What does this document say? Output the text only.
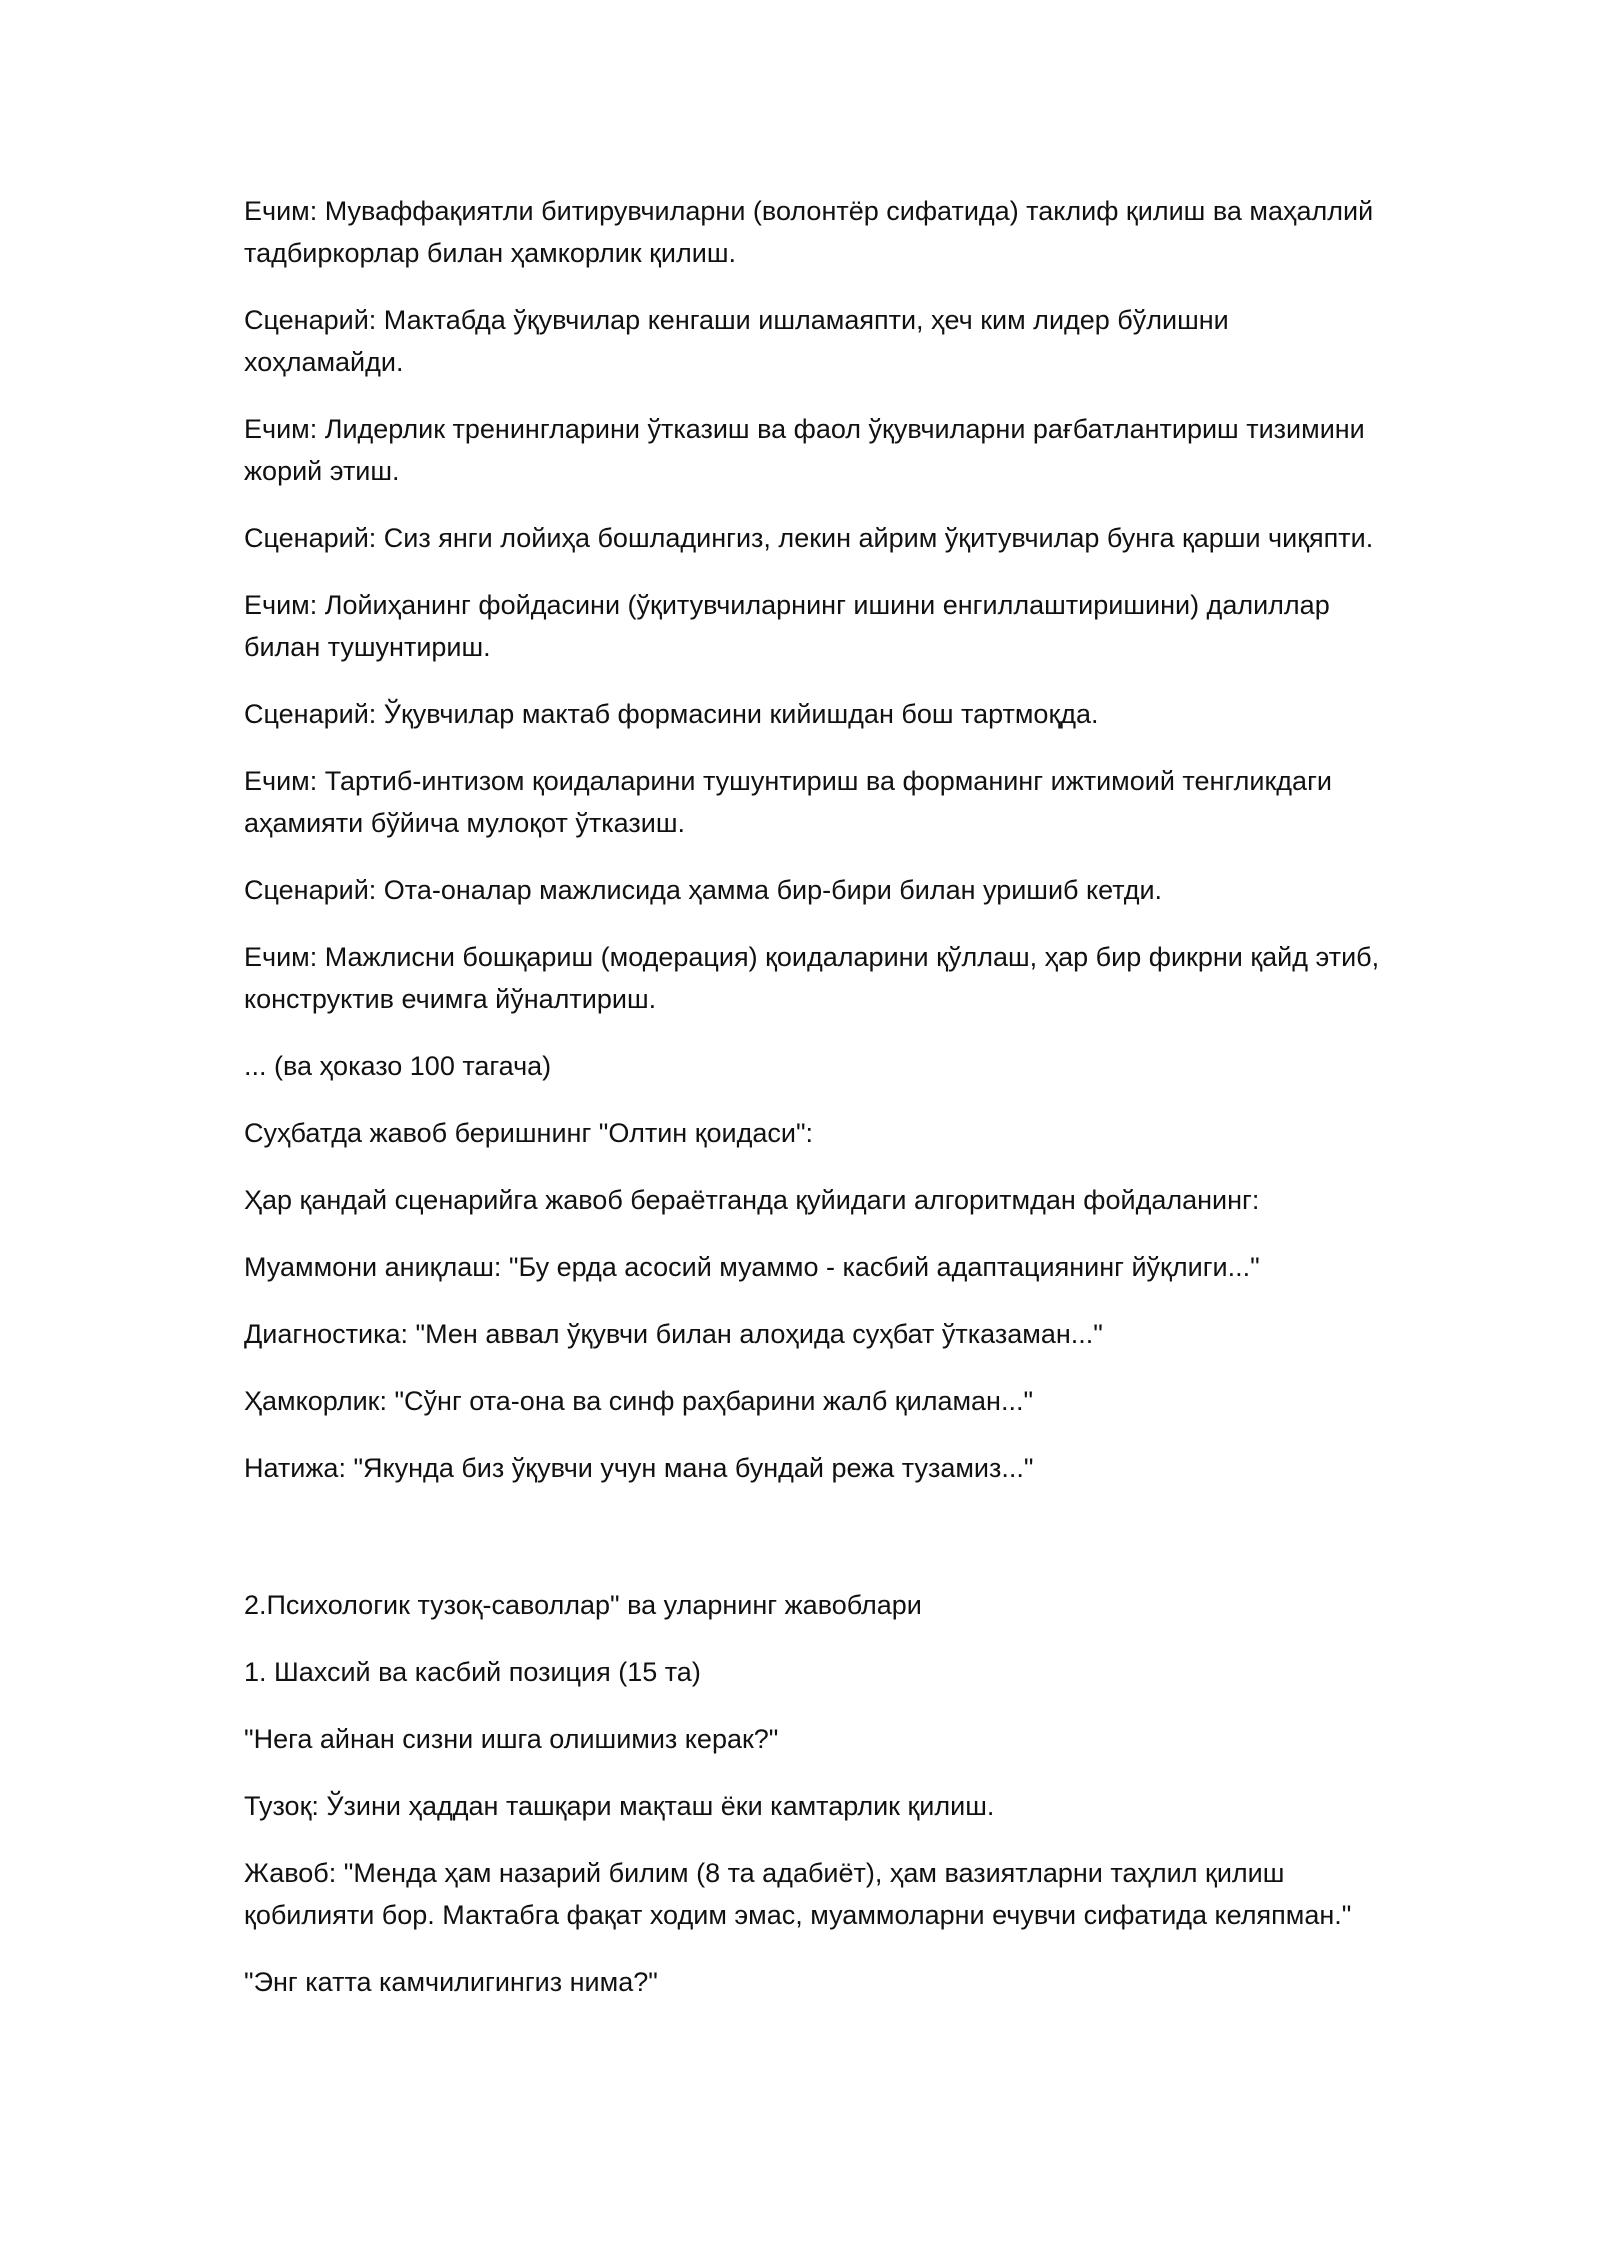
Ечим: Муваффақиятли битирувчиларни (волонтёр сифатида) таклиф қилиш ва маҳаллий тадбиркорлар билан ҳамкорлик қилиш.

Сценарий: Мактабда ўқувчилар кенгаши ишламаяпти, ҳеч ким лидер бўлишни хоҳламайди.

Ечим: Лидерлик тренингларини ўтказиш ва фаол ўқувчиларни рағбатлантириш тизимини жорий этиш.

Сценарий: Сиз янги лойиҳа бошладингиз, лекин айрим ўқитувчилар бунга қарши чиқяпти.

Ечим: Лойиҳанинг фойдасини (ўқитувчиларнинг ишини енгиллаштиришини) далиллар билан тушунтириш.

Сценарий: Ўқувчилар мактаб формасини кийишдан бош тартмоқда.

Ечим: Тартиб-интизом қоидаларини тушунтириш ва форманинг ижтимоий тенгликдаги аҳамияти бўйича мулоқот ўтказиш.

Сценарий: Ота-оналар мажлисида ҳамма бир-бири билан уришиб кетди.

Ечим: Мажлисни бошқариш (модерация) қоидаларини қўллаш, ҳар бир фикрни қайд этиб, конструктив ечимга йўналтириш.

... (ва ҳоказо 100 тагача)

Суҳбатда жавоб беришнинг "Олтин қоидаси":

Ҳар қандай сценарийга жавоб бераётганда қуйидаги алгоритмдан фойдаланинг:

Муаммони аниқлаш: "Бу ерда асосий муаммо - касбий адаптациянинг йўқлиги..."

Диагностика: "Мен аввал ўқувчи билан алоҳида суҳбат ўтказаман..."

Ҳамкорлик: "Сўнг ота-она ва синф раҳбарини жалб қиламан..."

Натижа: "Якунда биз ўқувчи учун мана бундай режа тузамиз..."

2.Психологик тузоқ-саволлар" ва уларнинг жавоблари

1. Шахсий ва касбий позиция (15 та)

"Нега айнан сизни ишга олишимиз керак?"

Тузоқ: Ўзини ҳаддан ташқари мақташ ёки камтарлик қилиш.

Жавоб: "Менда ҳам назарий билим (8 та адабиёт), ҳам вазиятларни таҳлил қилиш қобилияти бор. Мактабга фақат ходим эмас, муаммоларни ечувчи сифатида келяпман."

"Энг катта камчилигингиз нима?"
